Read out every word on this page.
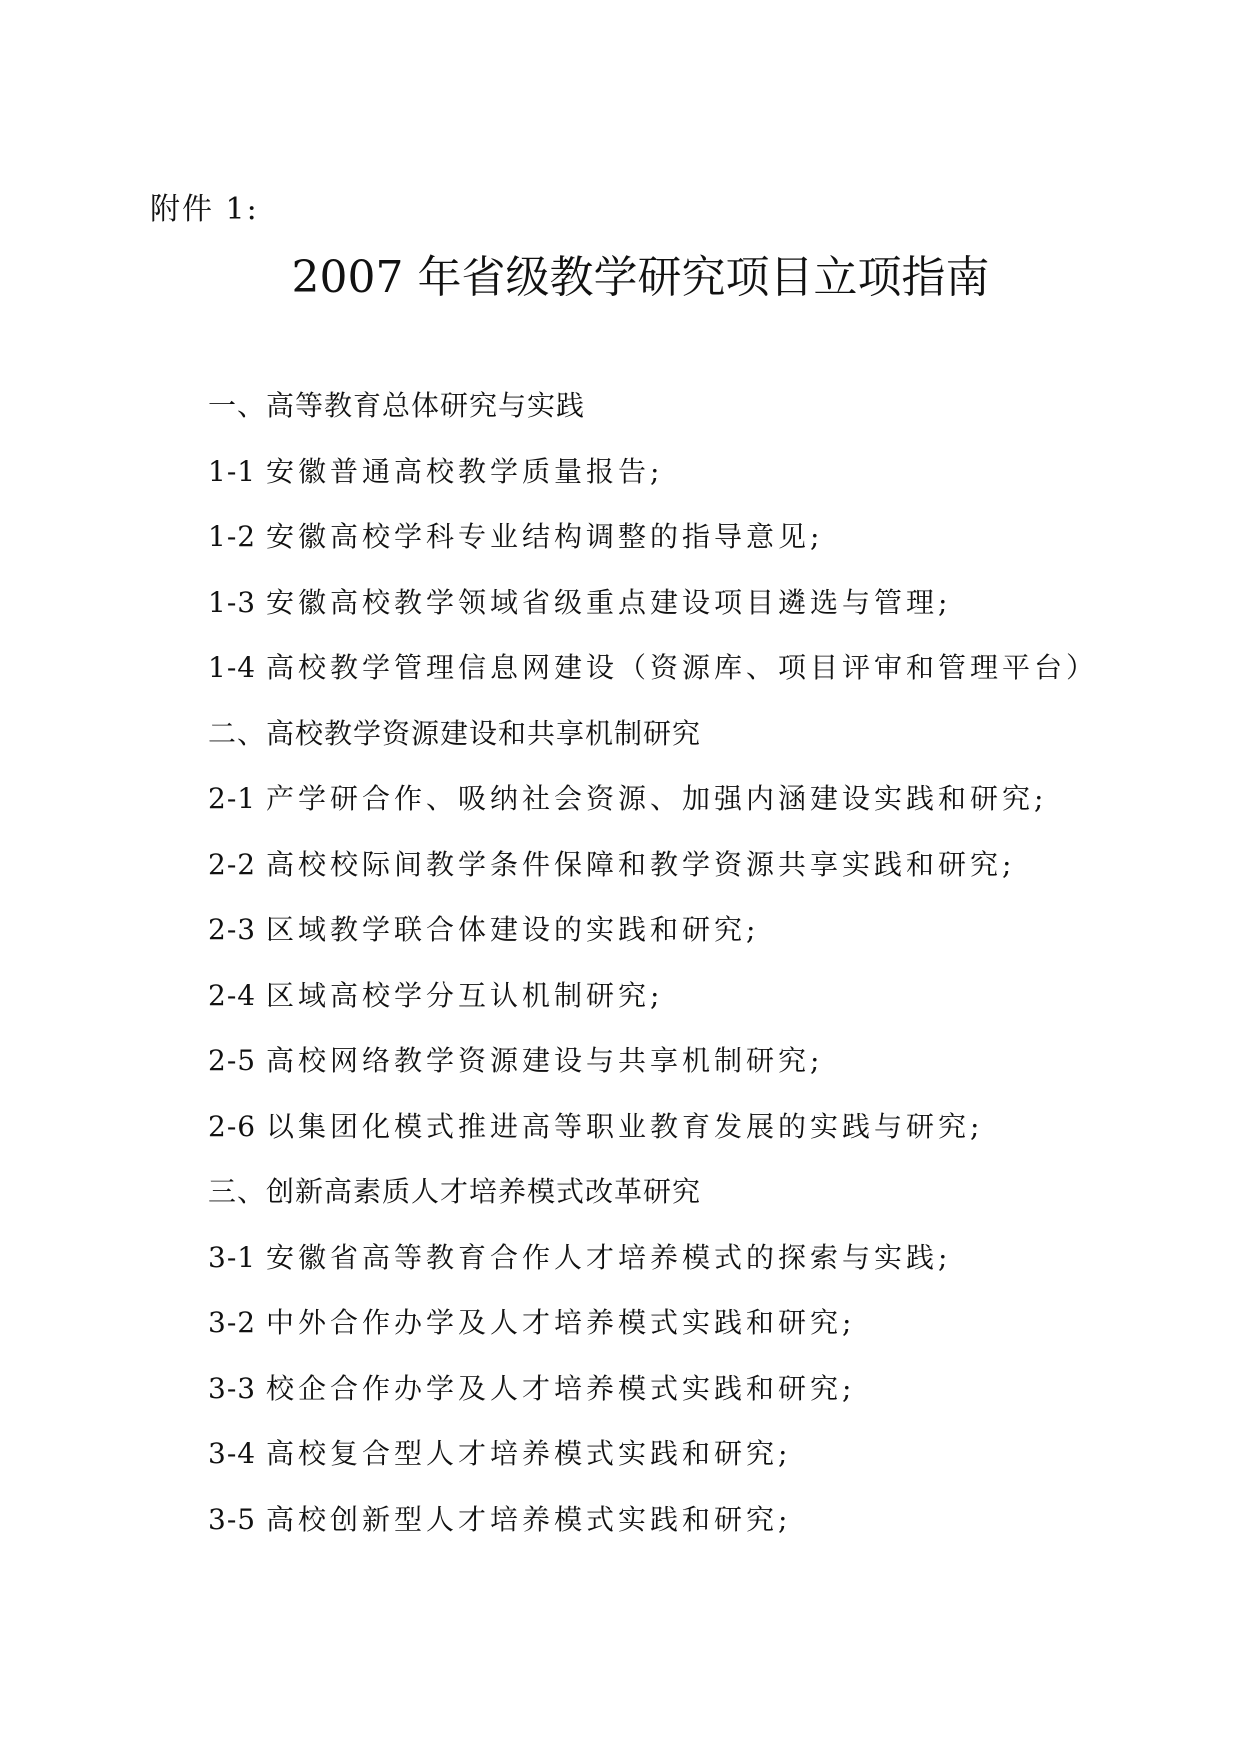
附件 1:
2007 年省级教学研究项目立项指南
一、高等教育总体研究与实践
1-1 安徽普通高校教学质量报告;
1-2 安徽高校学科专业结构调整的指导意见;
1-3 安徽高校教学领域省级重点建设项目遴选与管理;
1-4 高校教学管理信息网建设（资源库、项目评审和管理平台）
二、高校教学资源建设和共享机制研究
2-1 产学研合作、吸纳社会资源、加强内涵建设实践和研究;
2-2 高校校际间教学条件保障和教学资源共享实践和研究;
2-3 区域教学联合体建设的实践和研究;
2-4 区域高校学分互认机制研究;
2-5 高校网络教学资源建设与共享机制研究;
2-6 以集团化模式推进高等职业教育发展的实践与研究;
三、创新高素质人才培养模式改革研究
3-1 安徽省高等教育合作人才培养模式的探索与实践;
3-2 中外合作办学及人才培养模式实践和研究;
3-3 校企合作办学及人才培养模式实践和研究;
3-4 高校复合型人才培养模式实践和研究;
3-5 高校创新型人才培养模式实践和研究;
